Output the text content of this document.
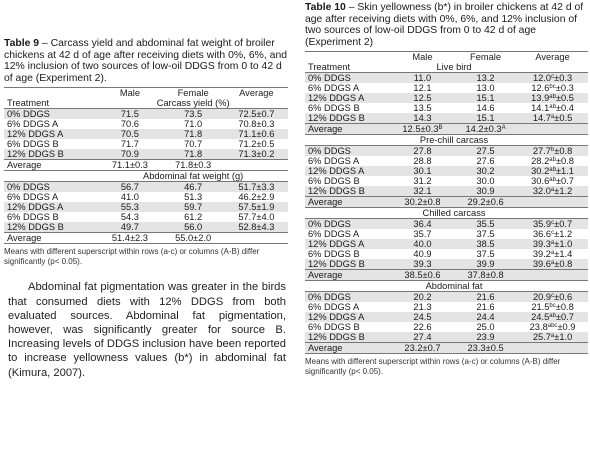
Table 9 – Carcass yield and abdominal fat weight of broiler chickens at 42 d of age after receiving diets with 0%, 6%, and 12% inclusion of two sources of low-oil DDGS from 0 to 42 d of age (Experiment 2).

	Male	Female	Average
Treatment	Carcass yield (%)		
0% DDGS	71.5	73.5	72.5±0.7
6% DDGS A	70.6	71.0	70.8±0.3
12% DDGS A	70.5	71.8	71.1±0.6
6% DDGS B	71.7	70.7	71.2±0.5
12% DDGS B	70.9	71.8	71.3±0.2
Average	71.1±0.3	71.8±0.3	
	Abdominal fat weight (g)		
0% DDGS	56.7	46.7	51.7±3.3
6% DDGS A	41.0	51.3	46.2±2.9
12% DDGS A	55.3	59.7	57.5±1.9
6% DDGS B	54.3	61.2	57.7±4.0
12% DDGS B	49.7	56.0	52.8±4.3
Average	51.4±2.3	55.0±2.0	

Means with different superscript within rows (a-c) or columns (A-B) differ significantly (p< 0.05).

Abdominal fat pigmentation was greater in the birds that consumed diets with 12% DDGS from both evaluated sources. Abdominal fat pigmentation, however, was significantly greater for source B. Increasing levels of DDGS inclusion have been reported to increase yellowness values (b*) in abdominal fat (Kimura, 2007).

Table 10 – Skin yellowness (b*) in broiler chickens at 42 d of age after receiving diets with 0%, 6%, and 12% inclusion of two sources of low-oil DDGS from 0 to 42 d of age (Experiment 2)

	Male	Female	Average
Treatment	Live bird		
0% DDGS	11.0	13.2	12.0$^c$±0.3
6% DDGS A	12.1	13.0	12.6$^{bc}$±0.3
12% DDGS A	12.5	15.1	13.9$^{ab}$±0.5
6% DDGS B	13.5	14.6	14.1$^{ab}$±0.4
12% DDGS B	14.3	15.1	14.7$^a$±0.5
Average	$12.5\pm 0.3^B$	$14.2\pm 0.3^A$	
	Pre-chill carcass		
0% DDGS	27.8	27.5	27.7$^b$±0.8
6% DDGS A	28.8	27.6	28.2$^{ab}$±0.8
12% DDGS A	30.1	30.2	30.2$^{ab}$±1.1
6% DDGS B	31.2	30.0	30.6$^{ab}$±0.7
12% DDGS B	32.1	30.9	32.0$^a$±1.2
Average	30.2±0.8	29.2±0.6	
	Chilled carcass		
0% DDGS	36.4	35.5	35.9$^c$±0.7
6% DDGS A	35.7	37.5	36.6$^c$±1.2
12% DDGS A	40.0	38.5	39.3$^a$±1.0
6% DDGS B	40.9	37.5	39.2$^a$±1.4
12% DDGS B	39.3	39.9	39.6$^a$±0.8
Average	38.5±0.6	37.8±0.8	
	Abdominal fat		
0% DDGS	20.2	21.6	20.9$^c$±0.6
6% DDGS A	21.3	21.6	21.5$^{bc}$±0.8
12% DDGS A	24.5	24.4	24.5$^{ab}$±0.7
6% DDGS B	22.6	25.0	23.8$^{abc}$±0.9
12% DDGS B	27.4	23.9	25.7$^a$±1.0
Average	23.2±0.7	23.3±0.5	

Means with different superscript within rows (a-c) or columns (A-B) differ significantly (p< 0.05).
